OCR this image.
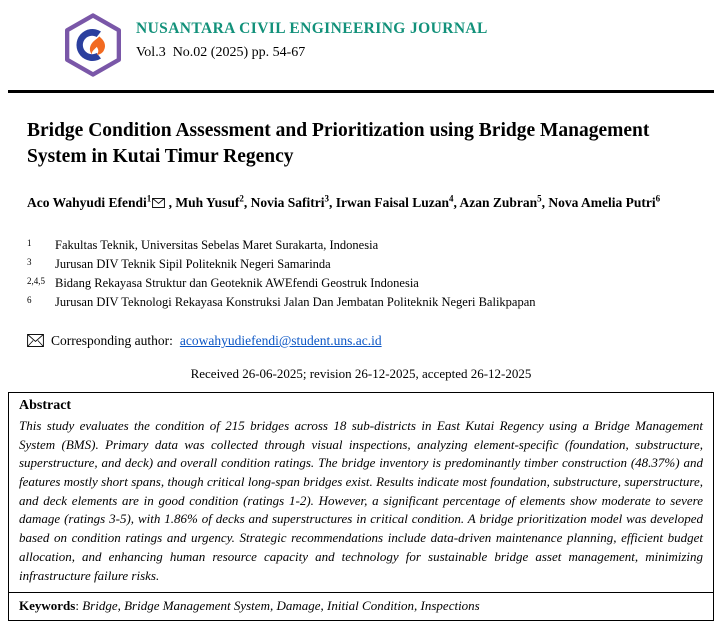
NUSANTARA CIVIL ENGINEERING JOURNAL
Vol.3  No.02 (2025) pp. 54-67
Bridge Condition Assessment and Prioritization using Bridge Management System in Kutai Timur Regency

Aco Wahyudi Efendi$^1$ , Muh Yusuf$^2$, Novia Safitri$^3$, Irwan Faisal Luzan$^4$, Azan Zubran$^5$, Nova Amelia Putri$^6$

1	Fakultas Teknik, Universitas Sebelas Maret Surakarta, Indonesia
3	Jurusan DIV Teknik Sipil Politeknik Negeri Samarinda
2,4,5 Bidang Rekayasa Struktur dan Geoteknik AWEfendi Geostruk Indonesia
6	Jurusan DIV Teknologi Rekayasa Konstruksi Jalan Dan Jembatan Politeknik Negeri Balikpapan
Corresponding author: acowahyudiefendi@student.uns.ac.id
Received 26-06-2025; revision 26-12-2025, accepted 26-12-2025
Abstract
This study evaluates the condition of 215 bridges across 18 sub-districts in East Kutai Regency using a Bridge Management System (BMS). Primary data was collected through visual inspections, analyzing element-specific (foundation, substructure, superstructure, and deck) and overall condition ratings. The bridge inventory is predominantly timber construction (48.37%) and features mostly short spans, though critical long-span bridges exist. Results indicate most foundation, substructure, superstructure, and deck elements are in good condition (ratings 1-2). However, a significant percentage of elements show moderate to severe damage (ratings 3-5), with 1.86% of decks and superstructures in critical condition. A bridge prioritization model was developed based on condition ratings and urgency. Strategic recommendations include data-driven maintenance planning, efficient budget allocation, and enhancing human resource capacity and technology for sustainable bridge asset management, minimizing infrastructure failure risks.
Keywords: Bridge, Bridge Management System, Damage, Initial Condition, Inspections
